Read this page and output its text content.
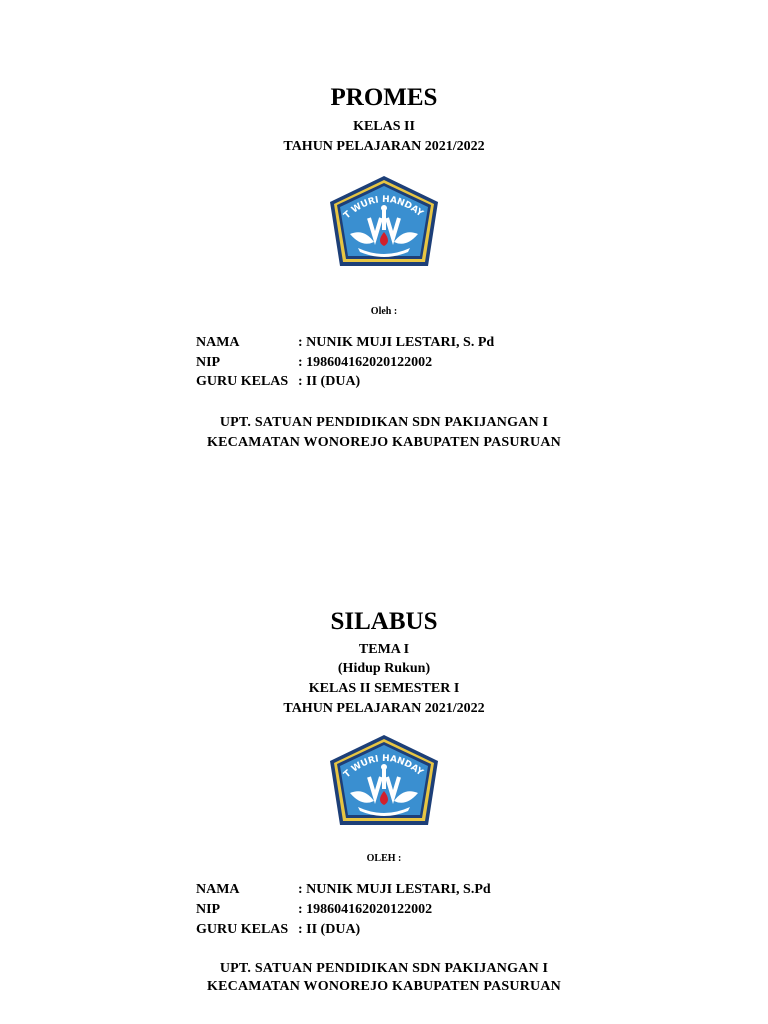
PROMES
KELAS II
TAHUN PELAJARAN 2021/2022
Oleh :
NAMA	: NUNIK MUJI LESTARI, S. Pd
NIP	: 198604162020122002
GURU KELAS : II (DUA)
UPT. SATUAN PENDIDIKAN SDN PAKIJANGAN I
KECAMATAN WONOREJO KABUPATEN PASURUAN
SILABUS
TEMA I
(Hidup Rukun)
KELAS II SEMESTER I
TAHUN PELAJARAN 2021/2022
OLEH :
NAMA	: NUNIK MUJI LESTARI, S.Pd
NIP	: 198604162020122002
GURU KELAS : II (DUA)
UPT. SATUAN PENDIDIKAN SDN PAKIJANGAN I
KECAMATAN WONOREJO KABUPATEN PASURUAN
